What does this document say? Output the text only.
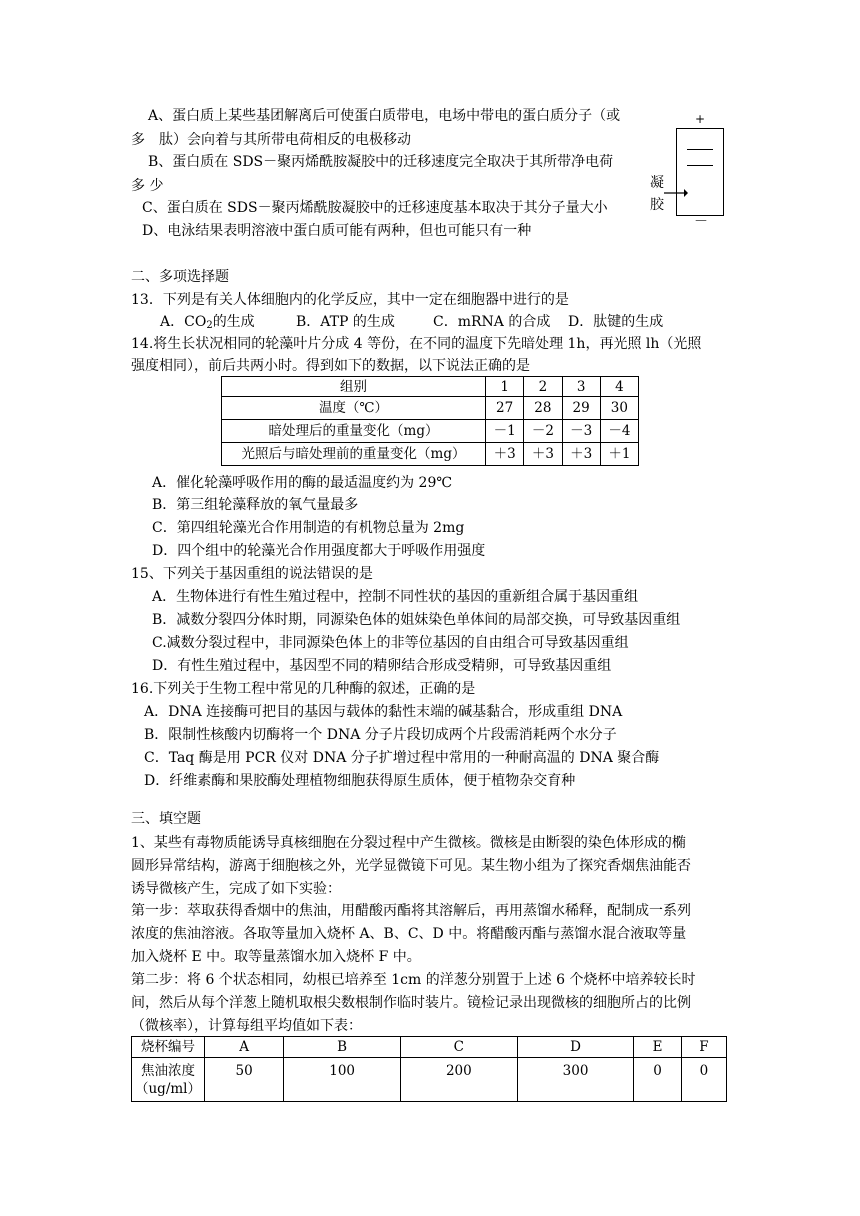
A、蛋白质上某些基团解离后可使蛋白质带电，电场中带电的蛋白质分子（或
多　肽）会向着与其所带电荷相反的电极移动
B、蛋白质在 SDS－聚丙烯酰胺凝胶中的迁移速度完全取决于其所带净电荷
多 少
C、蛋白质在 SDS－聚丙烯酰胺凝胶中的迁移速度基本取决于其分子量大小
D、电泳结果表明溶液中蛋白质可能有两种，但也可能只有一种
+
凝
胶
－
二、多项选择题
13．下列是有关人体细胞内的化学反应，其中一定在细胞器中进行的是
A．$CO_2$的生成	B．ATP 的生成	C．mRNA 的合成 D．肽键的生成
14.将生长状况相同的轮藻叶片分成 4 等份，在不同的温度下先暗处理 1h，再光照 lh（光照
强度相同），前后共两小时。得到如下的数据，以下说法正确的是
组别	1	2	3	4
温度（℃）	27	28	29	30
暗处理后的重量变化（mg）	－1	－2	－3	－4
光照后与暗处理前的重量变化（mg）	＋3	＋3	＋3	＋1
A．催化轮藻呼吸作用的酶的最适温度约为 29℃
B．第三组轮藻释放的氧气量最多
C．第四组轮藻光合作用制造的有机物总量为 2mg
D．四个组中的轮藻光合作用强度都大于呼吸作用强度
15、下列关于基因重组的说法错误的是
A．生物体进行有性生殖过程中，控制不同性状的基因的重新组合属于基因重组
B．减数分裂四分体时期，同源染色体的姐妹染色单体间的局部交换，可导致基因重组
C.减数分裂过程中，非同源染色体上的非等位基因的自由组合可导致基因重组
D．有性生殖过程中，基因型不同的精卵结合形成受精卵，可导致基因重组
16.下列关于生物工程中常见的几种酶的叙述，正确的是
A．DNA 连接酶可把目的基因与载体的黏性末端的碱基黏合，形成重组 DNA
B．限制性核酸内切酶将一个 DNA 分子片段切成两个片段需消耗两个水分子
C．Taq 酶是用 PCR 仪对 DNA 分子扩增过程中常用的一种耐高温的 DNA 聚合酶
D．纤维素酶和果胶酶处理植物细胞获得原生质体，便于植物杂交育种
三、填空题
1、某些有毒物质能诱导真核细胞在分裂过程中产生微核。微核是由断裂的染色体形成的椭
圆形异常结构，游离于细胞核之外，光学显微镜下可见。某生物小组为了探究香烟焦油能否
诱导微核产生，完成了如下实验：
第一步：萃取获得香烟中的焦油，用醋酸丙酯将其溶解后，再用蒸馏水稀释，配制成一系列
浓度的焦油溶液。各取等量加入烧杯 A、B、C、D 中。将醋酸丙酯与蒸馏水混合液取等量
加入烧杯 E 中。取等量蒸馏水加入烧杯 F 中。
第二步：将 6 个状态相同，幼根已培养至 1cm 的洋葱分别置于上述 6 个烧杯中培养较长时
间，然后从每个洋葱上随机取根尖数根制作临时装片。镜检记录出现微核的细胞所占的比例
（微核率），计算每组平均值如下表：
烧杯编号	A	B	C	D	E	F

焦油浓度
（ug/ml）	50	100	200	300	0	0
